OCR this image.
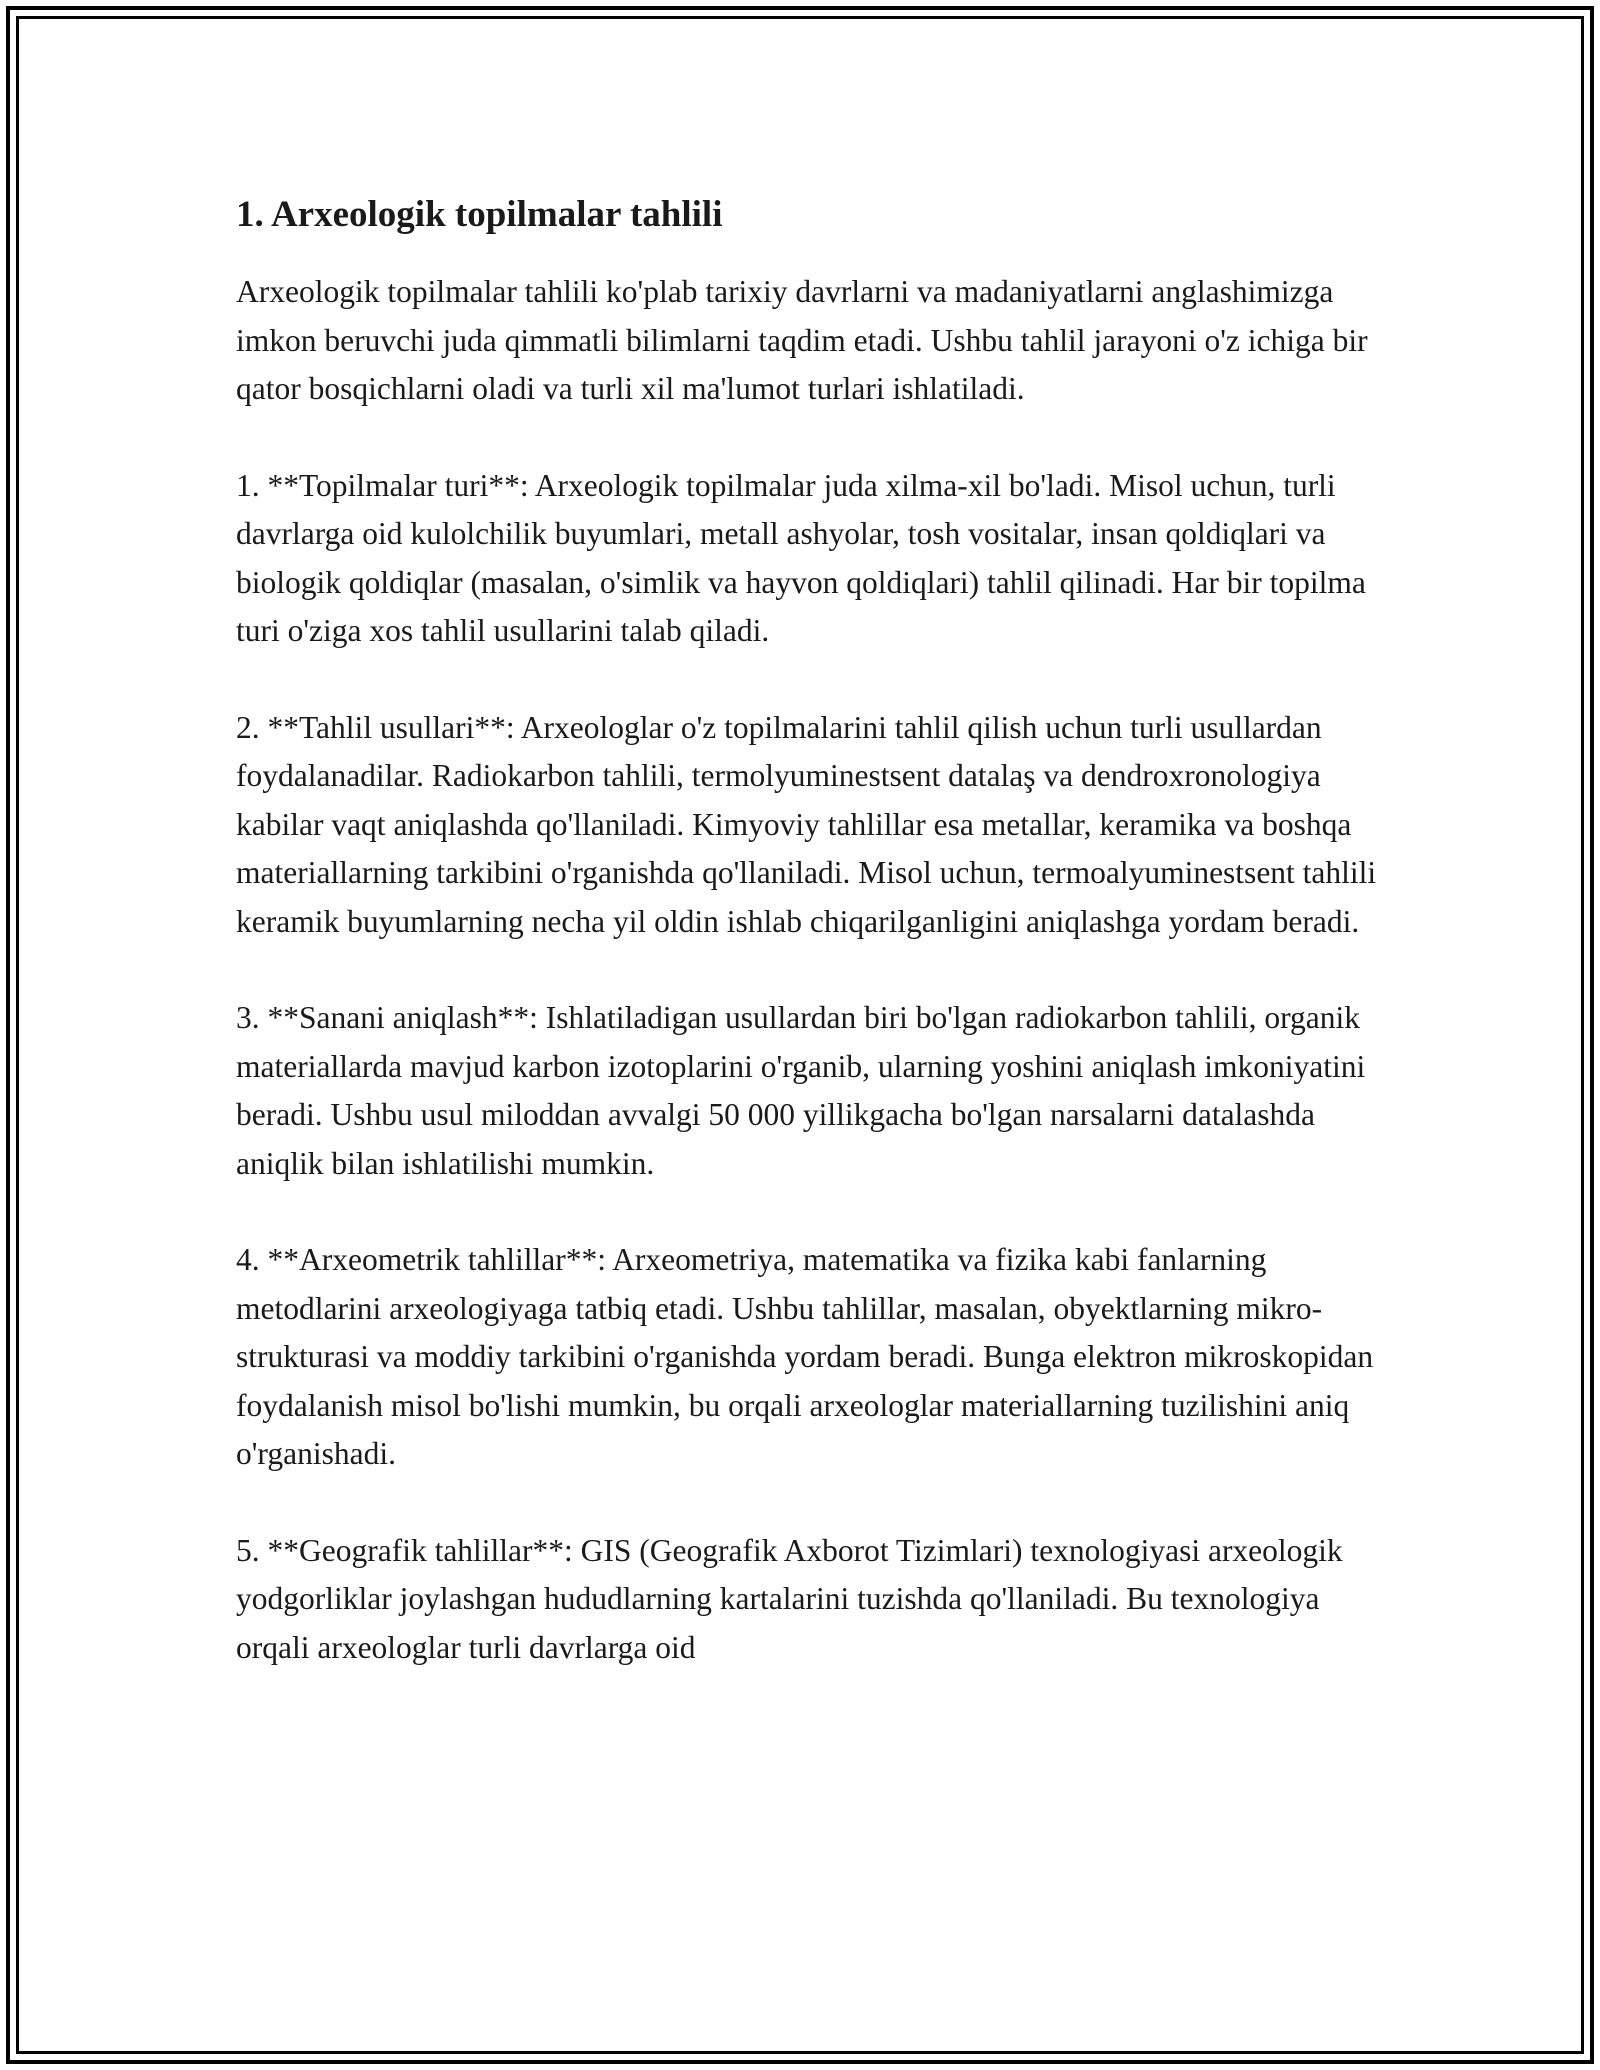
1. Arxeologik topilmalar tahlili

Arxeologik topilmalar tahlili ko'plab tarixiy davrlarni va madaniyatlarni anglashimizga imkon beruvchi juda qimmatli bilimlarni taqdim etadi. Ushbu tahlil jarayoni o'z ichiga bir qator bosqichlarni oladi va turli xil ma'lumot turlari ishlatiladi.

1. **Topilmalar turi**: Arxeologik topilmalar juda xilma-xil bo'ladi. Misol uchun, turli davrlarga oid kulolchilik buyumlari, metall ashyolar, tosh vositalar, insan qoldiqlari va biologik qoldiqlar (masalan, o'simlik va hayvon qoldiqlari) tahlil qilinadi. Har bir topilma turi o'ziga xos tahlil usullarini talab qiladi.

2. **Tahlil usullari**: Arxeologlar o'z topilmalarini tahlil qilish uchun turli usullardan foydalanadilar. Radiokarbon tahlili, termolyuminestsent datalaş va dendroxronologiya kabilar vaqt aniqlashda qo'llaniladi. Kimyoviy tahlillar esa metallar, keramika va boshqa materiallarning tarkibini o'rganishda qo'llaniladi. Misol uchun, termoalyuminestsent tahlili keramik buyumlarning necha yil oldin ishlab chiqarilganligini aniqlashga yordam beradi.

3. **Sanani aniqlash**: Ishlatiladigan usullardan biri bo'lgan radiokarbon tahlili, organik materiallarda mavjud karbon izotoplarini o'rganib, ularning yoshini aniqlash imkoniyatini beradi. Ushbu usul miloddan avvalgi 50 000 yillikgacha bo'lgan narsalarni datalashda aniqlik bilan ishlatilishi mumkin.

4. **Arxeometrik tahlillar**: Arxeometriya, matematika va fizika kabi fanlarning metodlarini arxeologiyaga tatbiq etadi. Ushbu tahlillar, masalan, obyektlarning mikro-strukturasi va moddiy tarkibini o'rganishda yordam beradi. Bunga elektron mikroskopidan foydalanish misol bo'lishi mumkin, bu orqali arxeologlar materiallarning tuzilishini aniq o'rganishadi.

5. **Geografik tahlillar**: GIS (Geografik Axborot Tizimlari) texnologiyasi arxeologik yodgorliklar joylashgan hududlarning kartalarini tuzishda qo'llaniladi. Bu texnologiya orqali arxeologlar turli davrlarga oid
